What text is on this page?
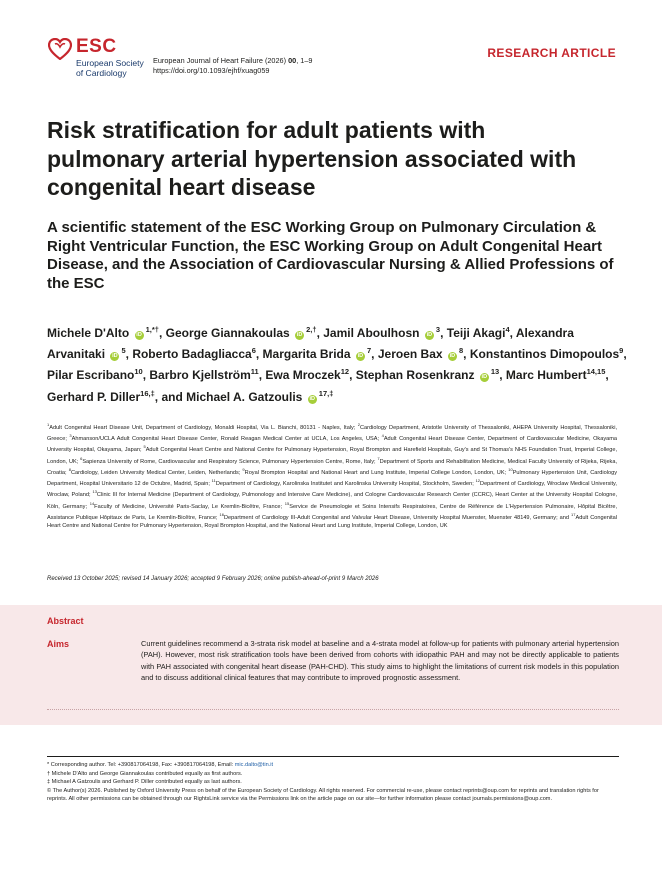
ESC
European Society
of Cardiology
European Journal of Heart Failure (2026) 00, 1–9
https://doi.org/10.1093/ejhf/xuag059
RESEARCH ARTICLE
Risk stratification for adult patients with pulmonary arterial hypertension associated with congenital heart disease
A scientific statement of the ESC Working Group on Pulmonary Circulation & Right Ventricular Function, the ESC Working Group on Adult Congenital Heart Disease, and the Association of Cardiovascular Nursing & Allied Professions of the ESC
Michele D'Alto iD $^{1,*\dagger}$, George Giannakoulas iD $^{2,\dagger}$, Jamil Aboulhosn iD $^3$, Teiji Akagi$^4$, Alexandra Arvanitaki iD $^5$, Roberto Badagliacca$^6$, Margarita Brida iD $^7$, Jeroen Bax iD $^8$, Konstantinos Dimopoulos$^9$, Pilar Escribano$^{10}$, Barbro Kjellström$^{11}$, Ewa Mroczek$^{12}$, Stephan Rosenkranz iD $^{13}$, Marc Humbert$^{14,15}$, Gerhard P. Diller$^{16,\ddagger}$, and Michael A. Gatzoulis iD $^{17,\ddagger}$
$^1$Adult Congenital Heart Disease Unit, Department of Cardiology, Monaldi Hospital, Via L. Bianchi, 80131 - Naples, Italy; $^2$Cardiology Department, Aristotle University of Thessaloniki, AHEPA University Hospital, Thessaloniki, Greece; $^3$Ahmanson/UCLA Adult Congenital Heart Disease Center, Ronald Reagan Medical Center at UCLA, Los Angeles, USA; $^4$Adult Congenital Heart Disease Center, Department of Cardiovascular Medicine, Okayama University Hospital, Okayama, Japan; $^5$Adult Congenital Heart Centre and National Centre for Pulmonary Hypertension, Royal Brompton and Harefield Hospitals, Guy's and St Thomas's NHS Foundation Trust, Imperial College, London, UK; $^6$Sapienza University of Rome, Cardiovascular and Respiratory Science, Pulmonary Hypertension Centre, Rome, Italy; $^7$Department of Sports and Rehabilitation Medicine, Medical Faculty University of Rijeka, Rijeka, Croatia; $^8$Cardiology, Leiden University Medical Center, Leiden, Netherlands; $^9$Royal Brompton Hospital and National Heart and Lung Institute, Imperial College London, London, UK; $^{10}$Pulmonary Hypertension Unit, Cardiology Department, Hospital Universitario 12 de Octubre, Madrid, Spain; $^{11}$Department of Cardiology, Karolinska Institutet and Karolinska University Hospital, Stockholm, Sweden; $^{12}$Department of Cardiology, Wroclaw Medical University, Wroclaw, Poland; $^{13}$Clinic III for Internal Medicine (Department of Cardiology, Pulmonology and Intensive Care Medicine), and Cologne Cardiovascular Research Center (CCRC), Heart Center at the University Hospital Cologne, Köln, Germany; $^{14}$Faculty of Medicine, Université Paris-Saclay, Le Kremlin-Bicêtre, France; $^{15}$Service de Pneumologie et Soins Intensifs Respiratoires, Centre de Référence de L'Hypertension Pulmonaire, Hôpital Bicêtre, Assistance Publique Hôpitaux de Paris, Le Kremlin-Bicêtre, France; $^{16}$Department of Cardiology III-Adult Congenital and Valvular Heart Disease, University Hospital Muenster, Muenster 48149, Germany; and $^{17}$Adult Congenital Heart Centre and National Centre for Pulmonary Hypertension, Royal Brompton Hospital, and the National Heart and Lung Institute, Imperial College, London, UK
Received 13 October 2025; revised 14 January 2026; accepted 9 February 2026; online publish-ahead-of-print 9 March 2026
Abstract
Aims	Current guidelines recommend a 3-strata risk model at baseline and a 4-strata model at follow-up for patients with pulmonary arterial hypertension (PAH). However, most risk stratification tools have been derived from cohorts with idiopathic PAH and may not be directly applicable to patients with PAH associated with congenital heart disease (PAH-CHD). This study aims to highlight the limitations of current risk models in this population and to discuss additional clinical features that may contribute to improved prognostic assessment.
* Corresponding author. Tel: +390817064198, Fax: +390817064198, Email: mic.dalto@tin.it
† Michele D'Alto and George Giannakoulas contributed equally as first authors.
‡ Michael A Gatzoulis and Gerhard P. Diller contributed equally as last authors.
© The Author(s) 2026. Published by Oxford University Press on behalf of the European Society of Cardiology. All rights reserved. For commercial re-use, please contact reprints@oup.com for reprints and translation rights for reprints. All other permissions can be obtained through our RightsLink service via the Permissions link on the article page on our site—for further information please contact journals.permissions@oup.com.
